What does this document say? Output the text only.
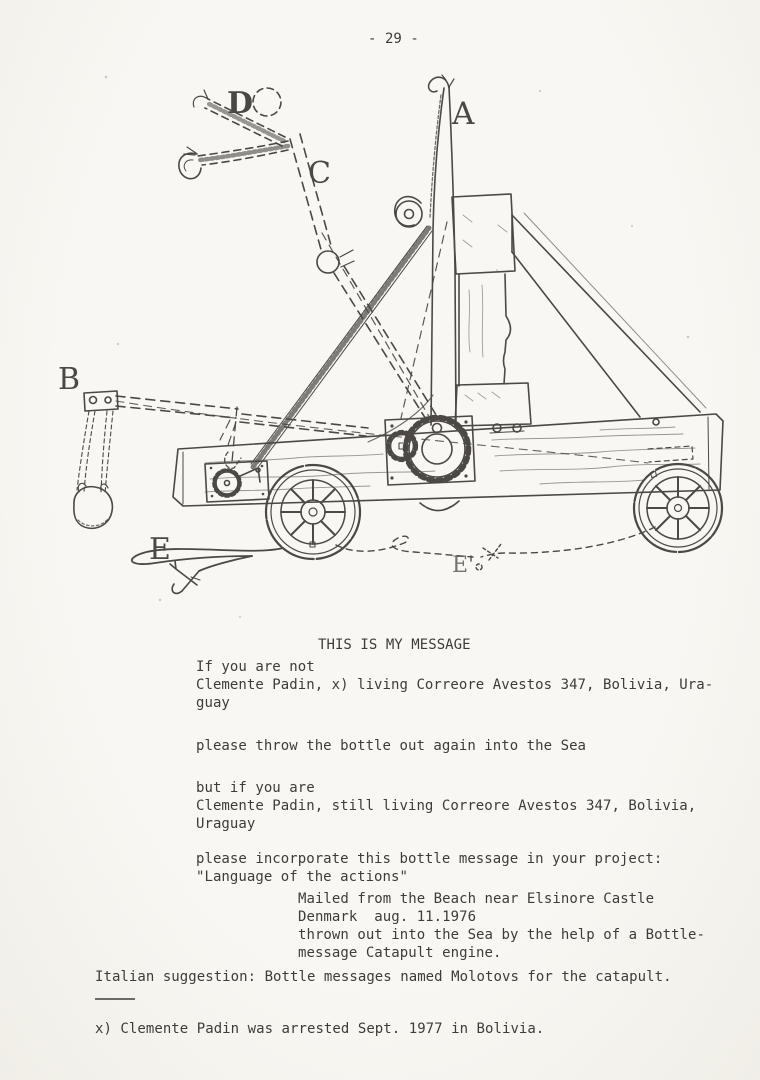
- 29 -
A
B
C
D
E	E'
THIS IS MY MESSAGE
If you are not
Clemente Padin, x) living Correore Avestos 347, Bolivia, Ura-
guay
please throw the bottle out again into the Sea
but if you are
Clemente Padin, still living Correore Avestos 347, Bolivia,
Uraguay
please incorporate this bottle message in your project:
"Language of the actions"
Mailed from the Beach near Elsinore Castle
Denmark  aug. 11.1976
thrown out into the Sea by the help of a Bottle-
message Catapult engine.
Italian suggestion: Bottle messages named Molotovs for the catapult.
x) Clemente Padin was arrested Sept. 1977 in Bolivia.
